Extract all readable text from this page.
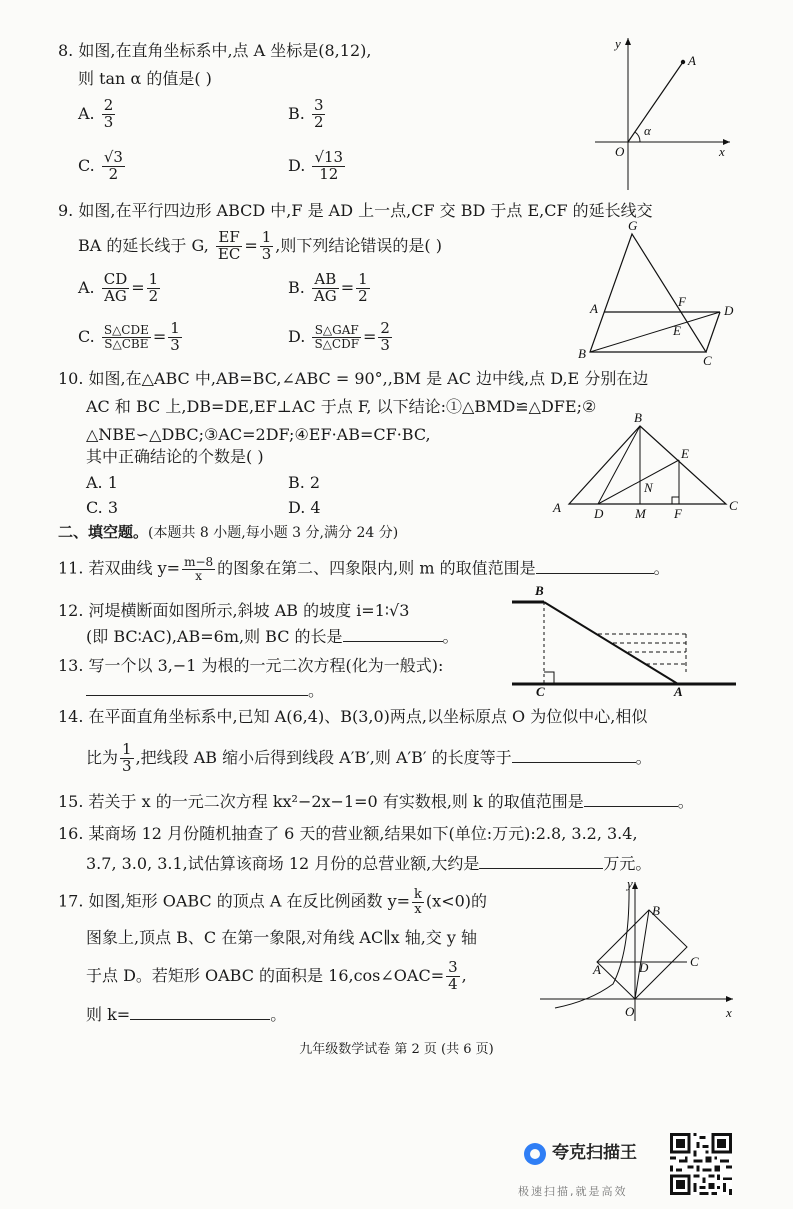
8. 如图,在直角坐标系中,点 A 坐标是(8,12),
则 tan α 的值是( )
A. $\frac{2}{3}$	B. $\frac{3}{2}$
C. $\frac{√3}{2}$	D. $\frac{√13}{12}$
y
A
α
O	x
9. 如图,在平行四边形 ABCD 中,F 是 AD 上一点,CF 交 BD 于点 E,CF 的延长线交
BA 的延长线于 G, $\frac{EF}{EC} = \frac{1}{3}$ ,则下列结论错误的是( )
A. $\frac{CD}{AG} = \frac{1}{2}$	B. $\frac{AB}{AG} = \frac{1}{2}$
C. $\frac{\text{S△CDE}}{\text{S△CBE}} = \frac{1}{3}$	D. $\frac{\text{S△GAF}}{\text{S△CDF}} = \frac{2}{3}$
G
A	F
D
E
B	C
10. 如图,在△ABC 中,AB=BC,∠ABC = 90°,,BM 是 AC 边中线,点 D,E 分别在边
AC 和 BC 上,DB=DE,EF⊥AC 于点 F, 以下结论:①△BMD≌△DFE;②
△NBE∽△DBC;③AC=2DF;④EF·AB=CF·BC,
其中正确结论的个数是( )
A. 1	B. 2
C. 3	D. 4
B
E
N
A	D M F
C
二、填空题。(本题共 8 小题,每小题 3 分,满分 24 分)
11. 若双曲线 $y= \frac{m-8}{x}$ 的图象在第二、四象限内,则 m 的取值范围是	。
12. 河堤横断面如图所示,斜坡 AB 的坡度 i=1∶√3
(即 BC∶AC),AB=6m,则 BC 的长是	。
B
C	A
13. 写一个以 3,−1 为根的一元二次方程(化为一般式):
。
14. 在平面直角坐标系中,已知 A(6,4)、B(3,0)两点,以坐标原点 O 为位似中心,相似
比为 $\frac{1}{3}$ ,把线段 AB 缩小后得到线段 A′B′,则 A′B′ 的长度等于	。
15. 若关于 x 的一元二次方程 kx²−2x−1=0 有实数根,则 k 的取值范围是	。
16. 某商场 12 月份随机抽查了 6 天的营业额,结果如下(单位:万元):2.8, 3.2, 3.4,
3.7, 3.0, 3.1,试估算该商场 12 月份的总营业额,大约是	万元。
17. 如图,矩形 OABC 的顶点 A 在反比例函数 $y= \frac{k}{x} (x<0)$的
图象上,顶点 B、C 在第一象限,对角线 AC∥x 轴,交 y 轴
于点 D。若矩形 OABC 的面积是 16,cos∠OAC= $\frac{3}{4}$ ,
则 k=	。
y
B
A	D	C
O	x
九年级数学试卷 第 2 页 (共 6 页)
夸克扫描王
极速扫描,就是高效
